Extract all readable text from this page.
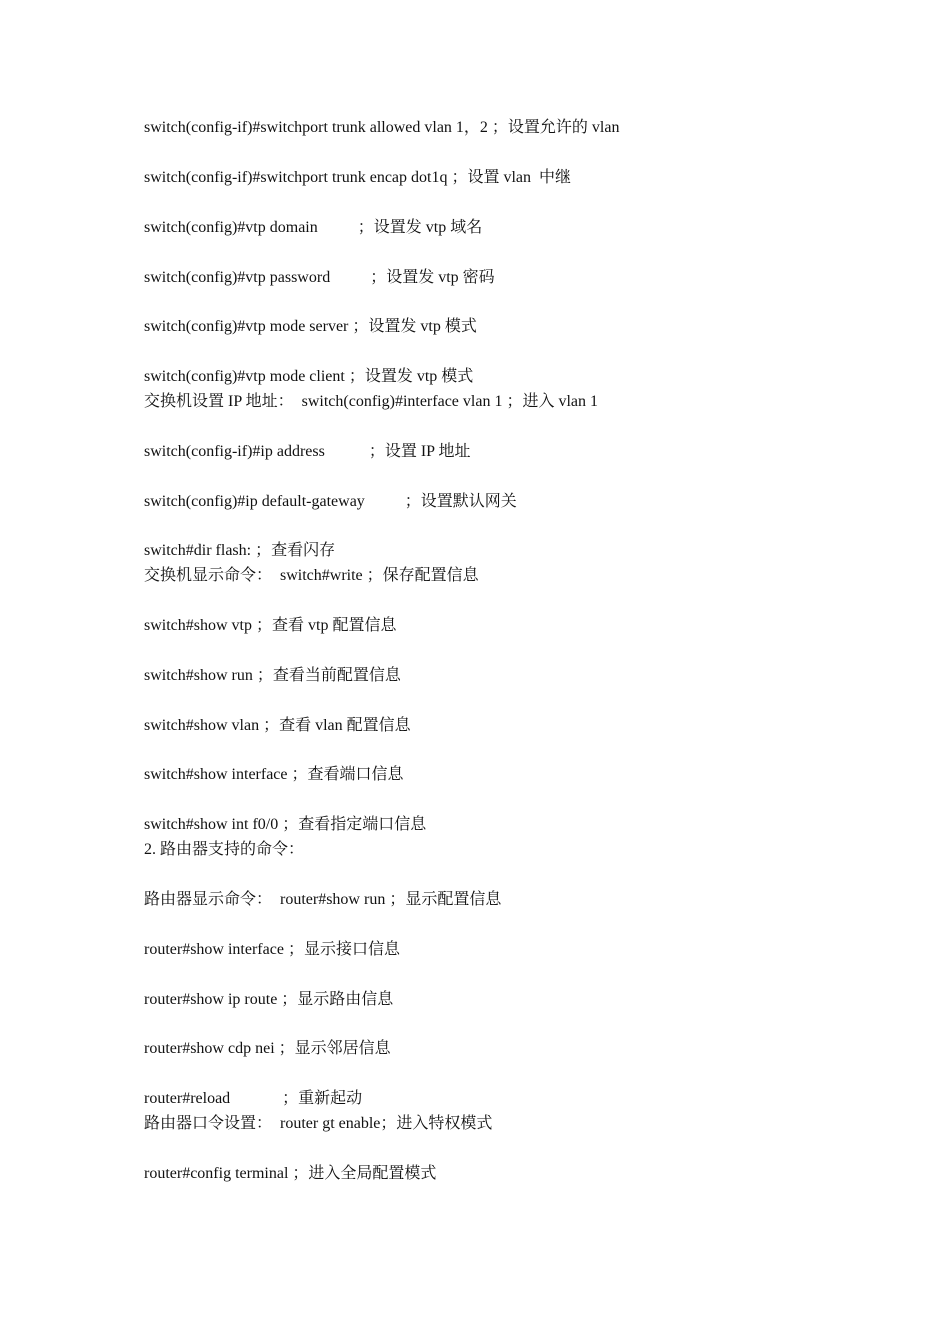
switch(config-if)#switchport trunk allowed vlan 1，2 ；设置允许的 vlan
switch(config-if)#switchport trunk encap dot1q ；设置 vlan  中继
switch(config)#vtp domain          ；设置发 vtp 域名
switch(config)#vtp password          ；设置发 vtp 密码
switch(config)#vtp mode server ；设置发 vtp 模式
switch(config)#vtp mode client ；设置发 vtp 模式
交换机设置 IP 地址：  switch(config)#interface vlan 1 ；进入 vlan 1
switch(config-if)#ip address           ；设置 IP 地址
switch(config)#ip default-gateway          ；设置默认网关
switch#dir flash: ；查看闪存
交换机显示命令：  switch#write ；保存配置信息
switch#show vtp ；查看 vtp 配置信息
switch#show run ；查看当前配置信息
switch#show vlan ；查看 vlan 配置信息
switch#show interface ；查看端口信息
switch#show int f0/0 ；查看指定端口信息
2. 路由器支持的命令：
路由器显示命令：  router#show run ；显示配置信息
router#show interface ；显示接口信息
router#show ip route ；显示路由信息
router#show cdp nei ；显示邻居信息
router#reload             ；重新起动
路由器口令设置：  router gt enable；进入特权模式
router#config terminal ；进入全局配置模式
